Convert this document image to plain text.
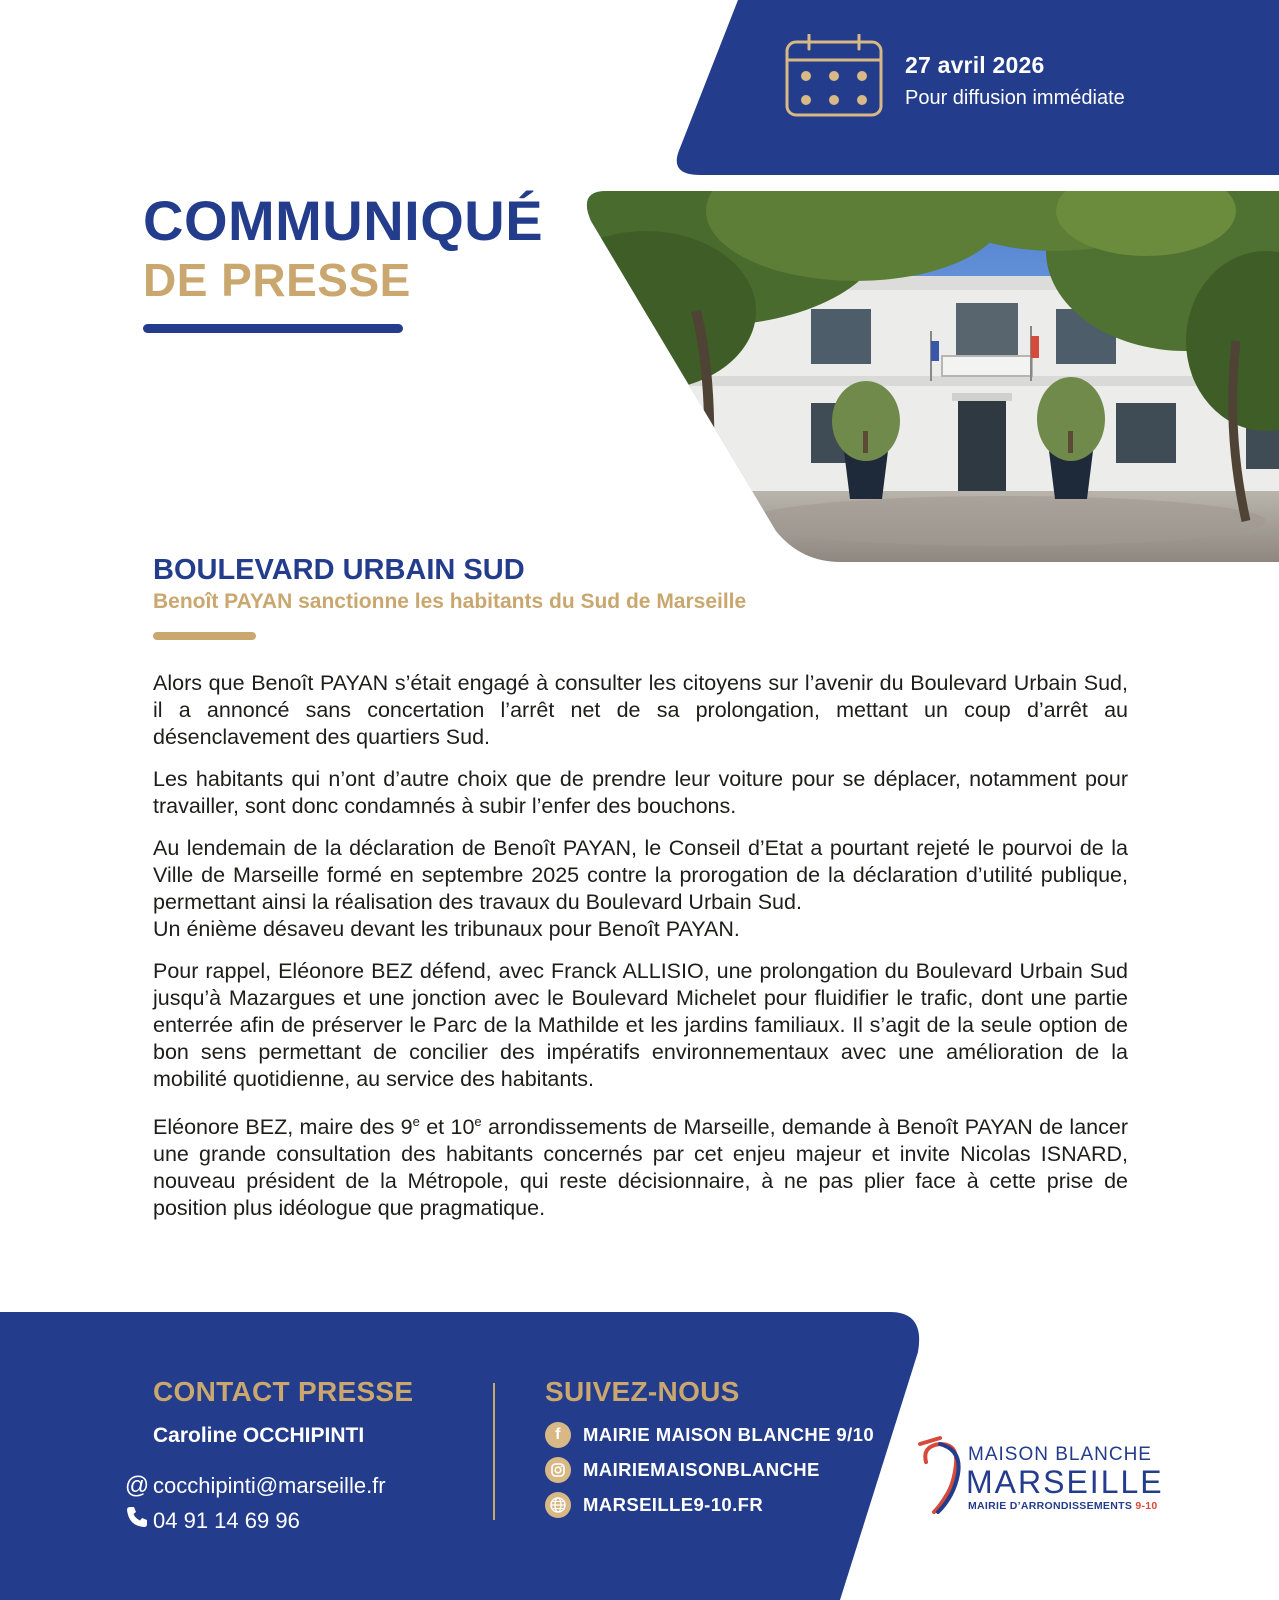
27 avril 2026
Pour diffusion immédiate
COMMUNIQUÉ
DE PRESSE
BOULEVARD URBAIN SUD
Benoît PAYAN sanctionne les habitants du Sud de Marseille

Alors que Benoît PAYAN s’était engagé à consulter les citoyens sur l’avenir du Boulevard Urbain Sud, il a annoncé sans concertation l’arrêt net de sa prolongation, mettant un coup d’arrêt au désenclavement des quartiers Sud.

Les habitants qui n’ont d’autre choix que de prendre leur voiture pour se déplacer, notamment pour travailler, sont donc condamnés à subir l’enfer des bouchons.

Au lendemain de la déclaration de Benoît PAYAN, le Conseil d’Etat a pourtant rejeté le pourvoi de la Ville de Marseille formé en septembre 2025 contre la prorogation de la déclaration d’utilité publique, permettant ainsi la réalisation des travaux du Boulevard Urbain Sud.

Un énième désaveu devant les tribunaux pour Benoît PAYAN.

Pour rappel, Eléonore BEZ défend, avec Franck ALLISIO, une prolongation du Boulevard Urbain Sud jusqu’à Mazargues et une jonction avec le Boulevard Michelet pour fluidifier le trafic, dont une partie enterrée afin de préserver le Parc de la Mathilde et les jardins familiaux. Il s’agit de la seule option de bon sens permettant de concilier des impératifs environnementaux avec une amélioration de la mobilité quotidienne, au service des habitants.

Eléonore BEZ, maire des 9e et 10e arrondissements de Marseille, demande à Benoît PAYAN de lancer une grande consultation des habitants concernés par cet enjeu majeur et invite Nicolas ISNARD, nouveau président de la Métropole, qui reste décisionnaire, à ne pas plier face à cette prise de position plus idéologue que pragmatique.

CONTACT PRESSE
Caroline OCCHIPINTI
@ cocchipinti@marseille.fr
04 91 14 69 96
SUIVEZ-NOUS
f	MAIRIE MAISON BLANCHE 9/10
MAIRIEMAISONBLANCHE
MARSEILLE9-10.FR
MAISON BLANCHE
MARSEILLE
MAIRIE D’ARRONDISSEMENTS 9-10
